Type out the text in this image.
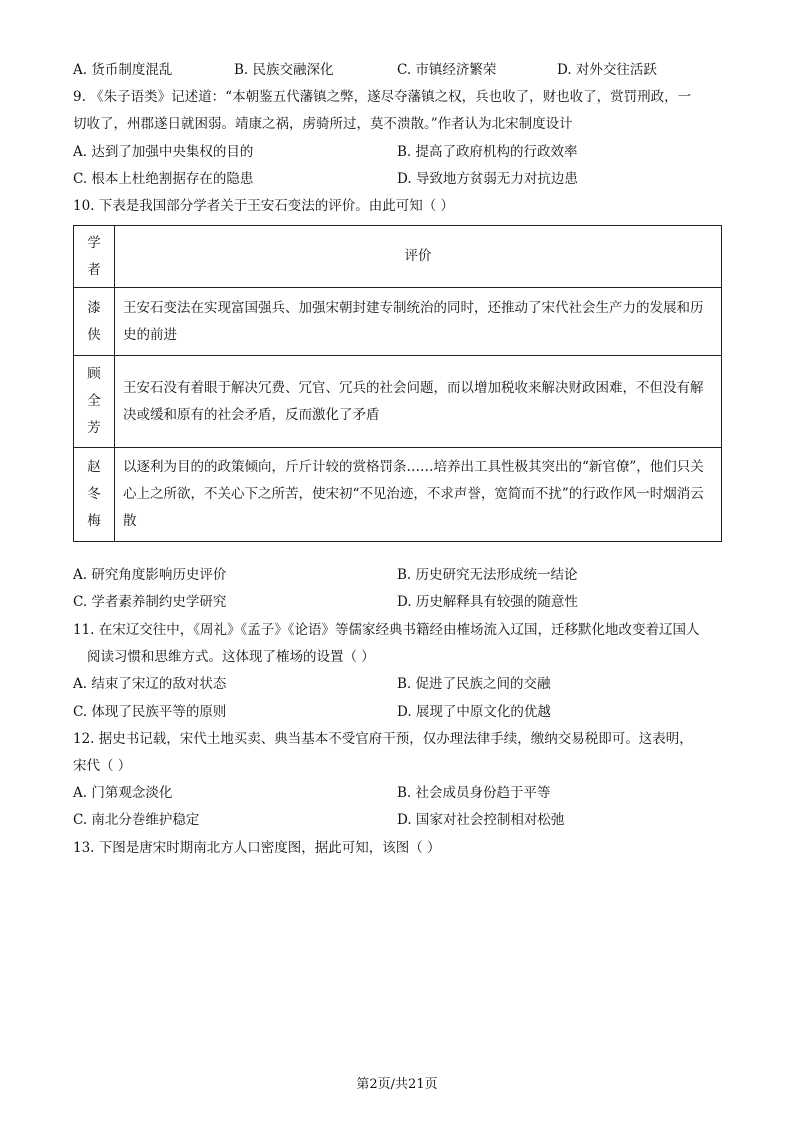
A. 货币制度混乱	B. 民族交融深化	C. 市镇经济繁荣	D. 对外交往活跃
9. 《朱子语类》记述道：“本朝鉴五代藩镇之弊，遂尽夺藩镇之权，兵也收了，财也收了，赏罚刑政，一
切收了，州郡遂日就困弱。靖康之祸，虏骑所过，莫不溃散。”作者认为北宋制度设计
A. 达到了加强中央集权的目的	B. 提高了政府机构的行政效率
C. 根本上杜绝割据存在的隐患	D. 导致地方贫弱无力对抗边患
10. 下表是我国部分学者关于王安石变法的评价。由此可知（ ）
学者	评价

漆侠	王安石变法在实现富国强兵、加强宋朝封建专制统治的同时，还推动了宋代社会生产力的发展和历史的前进

顾全芳	王安石没有着眼于解决冗费、冗官、冗兵的社会问题，而以增加税收来解决财政困难，不但没有解决或缓和原有的社会矛盾，反而激化了矛盾

赵冬梅	以逐利为目的的政策倾向，斤斤计较的赏格罚条……培养出工具性极其突出的“新官僚”，他们只关心上之所欲，不关心下之所苦，使宋初“不见治迹，不求声誉，宽简而不扰”的行政作风一时烟消云散
A. 研究角度影响历史评价	B. 历史研究无法形成统一结论
C. 学者素养制约史学研究	D. 历史解释具有较强的随意性
11. 在宋辽交往中，《周礼》《孟子》《论语》等儒家经典书籍经由榷场流入辽国，迁移默化地改变着辽国人
阅读习惯和思维方式。这体现了榷场的设置（ ）
A. 结束了宋辽的敌对状态	B. 促进了民族之间的交融
C. 体现了民族平等的原则	D. 展现了中原文化的优越
12. 据史书记载，宋代土地买卖、典当基本不受官府干预，仅办理法律手续，缴纳交易税即可。这表明，
宋代（ ）
A. 门第观念淡化	B. 社会成员身份趋于平等
C. 南北分巻维护稳定	D. 国家对社会控制相对松弛
13. 下图是唐宋时期南北方人口密度图，据此可知，该图（ ）
第2页/共21页
